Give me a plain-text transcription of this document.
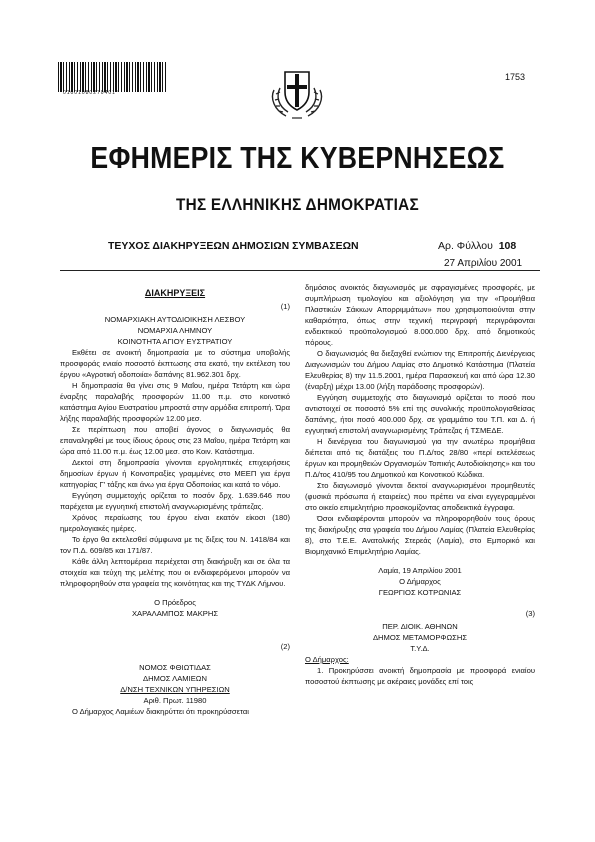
*01001080270401*
1753
ΕΦΗΜΕΡΙΣ ΤΗΣ ΚΥΒΕΡΝΗΣΕΩΣ
ΤΗΣ ΕΛΛΗΝΙΚΗΣ ΔΗΜΟΚΡΑΤΙΑΣ
ΤΕΥΧΟΣ ΔΙΑΚΗΡΥΞΕΩΝ ΔΗΜΟΣΙΩΝ ΣΥΜΒΑΣΕΩΝ	Αρ. Φύλλου 108
27 Απριλίου 2001
ΔΙΑΚΗΡΥΞΕΙΣ
(1)
ΝΟΜΑΡΧΙΑΚΗ ΑΥΤΟΔΙΟΙΚΗΣΗ ΛΕΣΒΟΥ
ΝΟΜΑΡΧΙΑ ΛΗΜΝΟΥ
ΚΟΙΝΟΤΗΤΑ ΑΓΙΟΥ ΕΥΣΤΡΑΤΙΟΥ

Εκθέτει σε ανοικτή δημοπρασία με το σύστημα υποβολής προσφοράς ενιαίο ποσοστό έκπτωσης στα εκατό, την εκτέλεση του έργου «Αγροτική οδοποιία» δαπάνης 81.962.301 δρχ.

Η δημοπρασία θα γίνει στις 9 Μαΐου, ημέρα Τετάρτη και ώρα έναρξης παραλαβής προσφορών 11.00 π.μ. στο κοινοτικό κατάστημα Αγίου Ευστρατίου μπροστά στην αρμόδια επιτροπή. Ώρα λήξης παραλαβής προσφορών 12.00 μεσ.

Σε περίπτωση που αποβεί άγονος ο διαγωνισμός θα επαναληφθεί με τους ίδιους όρους στις 23 Μαΐου, ημέρα Τετάρτη και ώρα από 11.00 π.μ. έως 12.00 μεσ. στο Κοιν. Κατάστημα.

Δεκτοί στη δημοπρασία γίνονται εργοληπτικές επιχειρήσεις δημοσίων έργων ή Κοινοπραξίες γραμμένες στο ΜΕΕΠ για έργα κατηγορίας Γ' τάξης και άνω για έργα Οδοποιίας και κατά το νόμο.

Εγγύηση συμμετοχής ορίζεται το ποσόν δρχ. 1.639.646 που παρέχεται με εγγυητική επιστολή αναγνωρισμένης τράπεζας.

Χρόνος περαίωσης του έργου είναι εκατόν είκοσι (180) ημερολογιακές ημέρες.

Το έργο θα εκτελεσθεί σύμφωνα με τις διξεις του Ν. 1418/84 και τον Π.Δ. 609/85 και 171/87.

Κάθε άλλη λεπτομέρεια περιέχεται στη διακήρυξη και σε όλα τα στοιχεία και τεύχη της μελέτης που οι ενδιαφερόμενοι μπορούν να πληροφορηθούν στα γραφεία της κοινότητας και της ΤΥΔΚ Λήμνου.

Ο Πρόεδρος
ΧΑΡΑΛΑΜΠΟΣ ΜΑΚΡΗΣ
(2)
ΝΟΜΟΣ ΦΘΙΩΤΙΔΑΣ
ΔΗΜΟΣ ΛΑΜΙΕΩΝ
Δ/ΝΣΗ ΤΕΧΝΙΚΩΝ ΥΠΗΡΕΣΙΩΝ
Αριθ. Πρωτ. 11980

Ο Δήμαρχος Λαμιέων διακηρύττει ότι προκηρύσσεται

δημόσιος ανοικτός διαγωνισμός με σφραγισμένες προσφορές, με συμπλήρωση τιμολογίου και αξιολόγηση για την «Προμήθεια Πλαστικών Σάκκων Απορριμμάτων» που χρησιμοποιούνται στην καθαριότητα, όπως στην τεχνική περιγραφή περιγράφονται ενδεικτικού προϋπολογισμού 8.000.000 δρχ. από δημοτικούς πόρους.

Ο διαγωνισμός θα διεξαχθεί ενώπιον της Επιτροπής Διενέργειας Διαγωνισμών του Δήμου Λαμίας στο Δημοτικό Κατάστημα (Πλατεία Ελευθερίας 8) την 11.5.2001, ημέρα Παρασκευή και από ώρα 12.30 (έναρξη) μέχρι 13.00 (λήξη παράδοσης προσφορών).

Εγγύηση συμμετοχής στο διαγωνισμό ορίζεται το ποσό που αντιστοιχεί σε ποσοστό 5% επί της συνολικής προϋπολογισθείσας δαπάνης, ήτοι ποσό 400.000 δρχ. σε γραμμάτιο του Τ.Π. και Δ. ή εγγυητική επιστολή αναγνωρισμένης Τράπεζας ή ΤΣΜΕΔΕ.

Η διενέργεια του διαγωνισμού για την ανωτέρω προμήθεια διέπεται από τις διατάξεις του Π.Δ/τος 28/80 «περί εκτελέσεως έργων και προμηθειών Οργανισμών Τοπικής Αυτοδιοίκησης» και του Π.Δ/τος 410/95 του Δημοτικού και Κοινοτικού Κώδικα.

Στο διαγωνισμό γίνονται δεκτοί αναγνωρισμένοι προμηθευτές (φυσικά πρόσωπα ή εταιρείες) που πρέπει να είναι εγγεγραμμένοι στο οικείο επιμελητήριο προσκομίζοντας αποδεικτικά έγγραφα.

Όσοι ενδιαφέρονται μπορούν να πληροφορηθούν τους όρους της διακήρυξης στα γραφεία του Δήμου Λαμίας (Πλατεία Ελευθερίας 8), στο Τ.Ε.Ε. Ανατολικής Στερεάς (Λαμία), στο Εμπορικό και Βιομηχανικό Επιμελητήριο Λαμίας.

Λαμία, 19 Απριλίου 2001
Ο Δήμαρχος
ΓΕΩΡΓΙΟΣ ΚΟΤΡΩΝΙΑΣ
(3)
ΠΕΡ. ΔΙΟΙΚ. ΑΘΗΝΩΝ
ΔΗΜΟΣ ΜΕΤΑΜΟΡΦΩΣΗΣ
Τ.Υ.Δ.
Ο Δήμαρχος:

1. Προκηρύσσει ανοικτή δημοπρασία με προσφορά ενιαίου ποσοστού έκπτωσης με ακέραιες μονάδες επί τοις
